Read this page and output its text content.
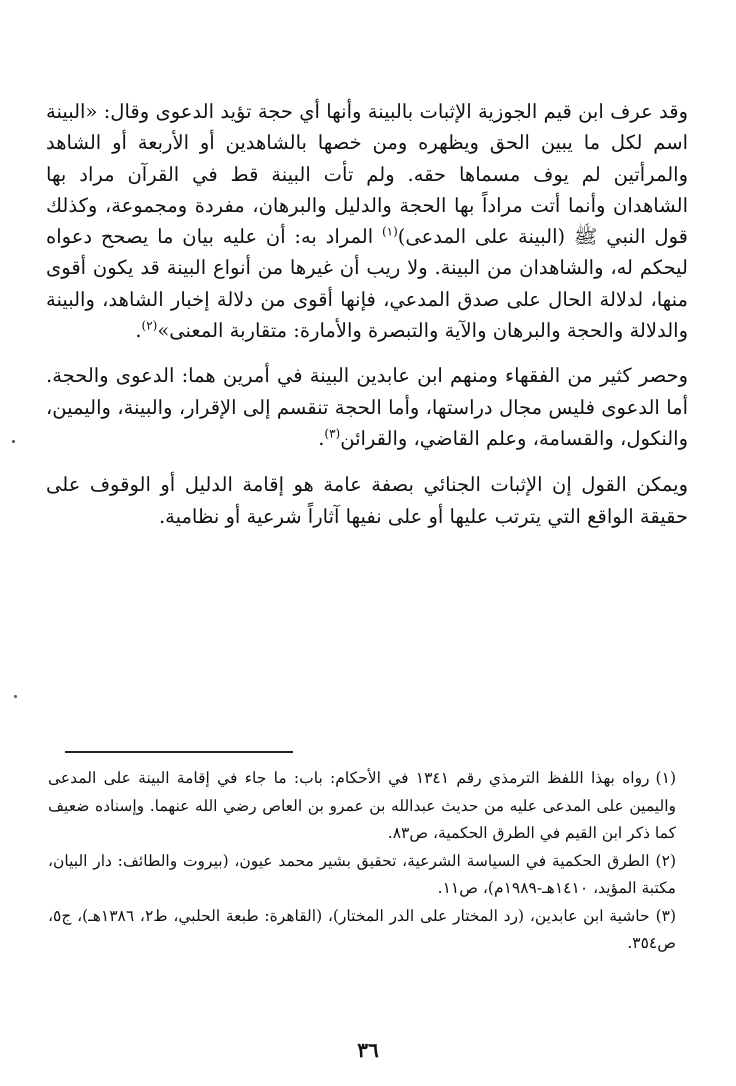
وقد عرف ابن قيم الجوزية الإثبات بالبينة وأنها أي حجة تؤيد الدعوى وقال: «البينة اسم لكل ما يبين الحق ويظهره ومن خصها بالشاهدين أو الأربعة أو الشاهد والمرأتين لم يوف مسماها حقه. ولم تأت البينة قط في القرآن مراد بها الشاهدان وأنما أتت مراداً بها الحجة والدليل والبرهان، مفردة ومجموعة، وكذلك قول النبي ﷺ (البينة على المدعى)$^{(١)}$ المراد به: أن عليه بيان ما يصحح دعواه ليحكم له، والشاهدان من البينة. ولا ريب أن غيرها من أنواع البينة قد يكون أقوى منها، لدلالة الحال على صدق المدعي، فإنها أقوى من دلالة إخبار الشاهد، والبينة والدلالة والحجة والبرهان والآية والتبصرة والأمارة: متقاربة المعنى»$^{(٢)}$.

وحصر كثير من الفقهاء ومنهم ابن عابدين البينة في أمرين هما: الدعوى والحجة. أما الدعوى فليس مجال دراستها، وأما الحجة تنقسم إلى الإقرار، والبينة، واليمين، والنكول، والقسامة، وعلم القاضي، والقرائن$^{(٣)}$.

ويمكن القول إن الإثبات الجنائي بصفة عامة هو إقامة الدليل أو الوقوف على حقيقة الواقع التي يترتب عليها أو على نفيها آثاراً شرعية أو نظامية.

(١)رواه بهذا اللفظ الترمذي رقم ١٣٤١ في الأحكام: باب: ما جاء في إقامة البينة على المدعى واليمين على المدعى عليه من حديث عبدالله بن عمرو بن العاص رضي الله عنهما. وإسناده ضعيف كما ذكر ابن القيم في الطرق الحكمية، ص٨٣.

(٢)الطرق الحكمية في السياسة الشرعية، تحقيق بشير محمد عيون، (بيروت والطائف: دار البيان، مكتبة المؤيد، ١٤١٠هـ-١٩٨٩م)، ص١١.

(٣)حاشية ابن عابدين، (رد المختار على الدر المختار)، (القاهرة: طبعة الحلبي، ط٢، ١٣٨٦هـ)، ج٥، ص٣٥٤.

٣٦
